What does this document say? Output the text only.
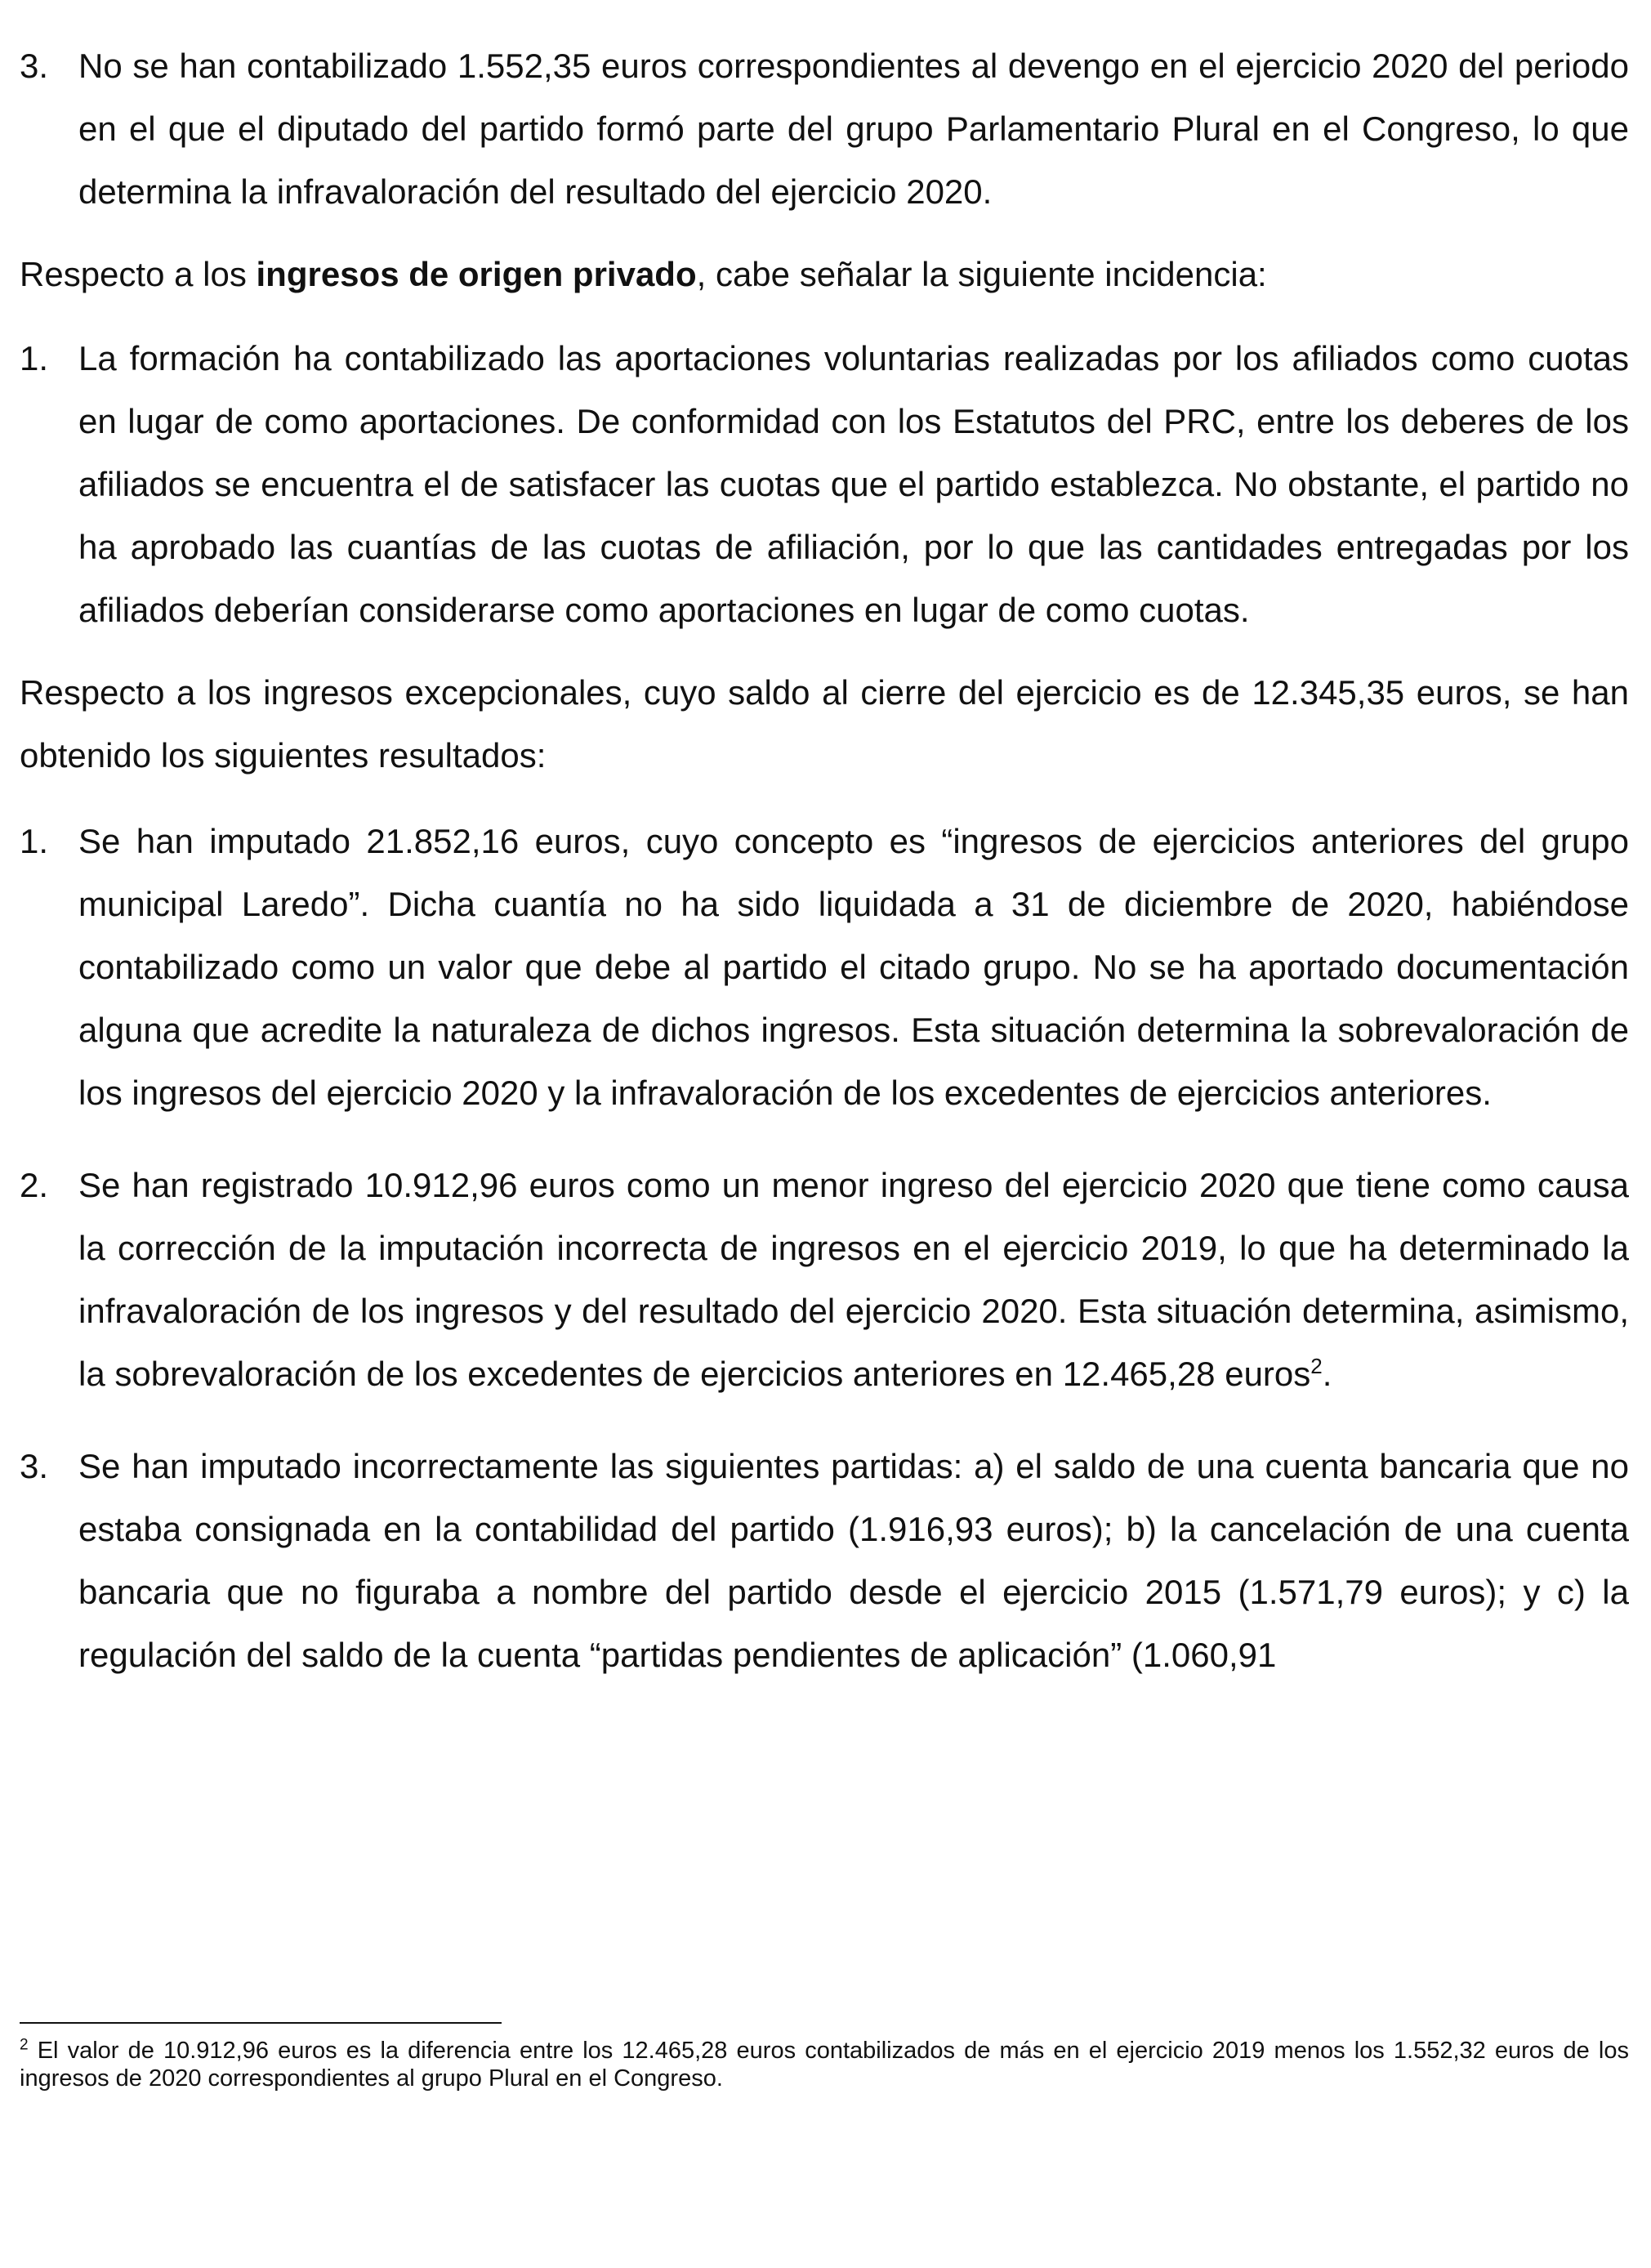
3. No se han contabilizado 1.552,35 euros correspondientes al devengo en el ejercicio 2020 del periodo en el que el diputado del partido formó parte del grupo Parlamentario Plural en el Congreso, lo que determina la infravaloración del resultado del ejercicio 2020.

Respecto a los ingresos de origen privado, cabe señalar la siguiente incidencia:

1. La formación ha contabilizado las aportaciones voluntarias realizadas por los afiliados como cuotas en lugar de como aportaciones. De conformidad con los Estatutos del PRC, entre los deberes de los afiliados se encuentra el de satisfacer las cuotas que el partido establezca. No obstante, el partido no ha aprobado las cuantías de las cuotas de afiliación, por lo que las cantidades entregadas por los afiliados deberían considerarse como aportaciones en lugar de como cuotas.

Respecto a los ingresos excepcionales, cuyo saldo al cierre del ejercicio es de 12.345,35 euros, se han obtenido los siguientes resultados:

1. Se han imputado 21.852,16 euros, cuyo concepto es “ingresos de ejercicios anteriores del grupo municipal Laredo”. Dicha cuantía no ha sido liquidada a 31 de diciembre de 2020, habiéndose contabilizado como un valor que debe al partido el citado grupo. No se ha aportado documentación alguna que acredite la naturaleza de dichos ingresos. Esta situación determina la sobrevaloración de los ingresos del ejercicio 2020 y la infravaloración de los excedentes de ejercicios anteriores.
2. Se han registrado 10.912,96 euros como un menor ingreso del ejercicio 2020 que tiene como causa la corrección de la imputación incorrecta de ingresos en el ejercicio 2019, lo que ha determinado la infravaloración de los ingresos y del resultado del ejercicio 2020. Esta situación determina, asimismo, la sobrevaloración de los excedentes de ejercicios anteriores en 12.465,28 euros$^2$.
3. Se han imputado incorrectamente las siguientes partidas: a) el saldo de una cuenta bancaria que no estaba consignada en la contabilidad del partido (1.916,93 euros); b) la cancelación de una cuenta bancaria que no figuraba a nombre del partido desde el ejercicio 2015 (1.571,79 euros); y c) la regulación del saldo de la cuenta “partidas pendientes de aplicación” (1.060,91

$^2$ El valor de 10.912,96 euros es la diferencia entre los 12.465,28 euros contabilizados de más en el ejercicio 2019 menos los 1.552,32 euros de los ingresos de 2020 correspondientes al grupo Plural en el Congreso.
